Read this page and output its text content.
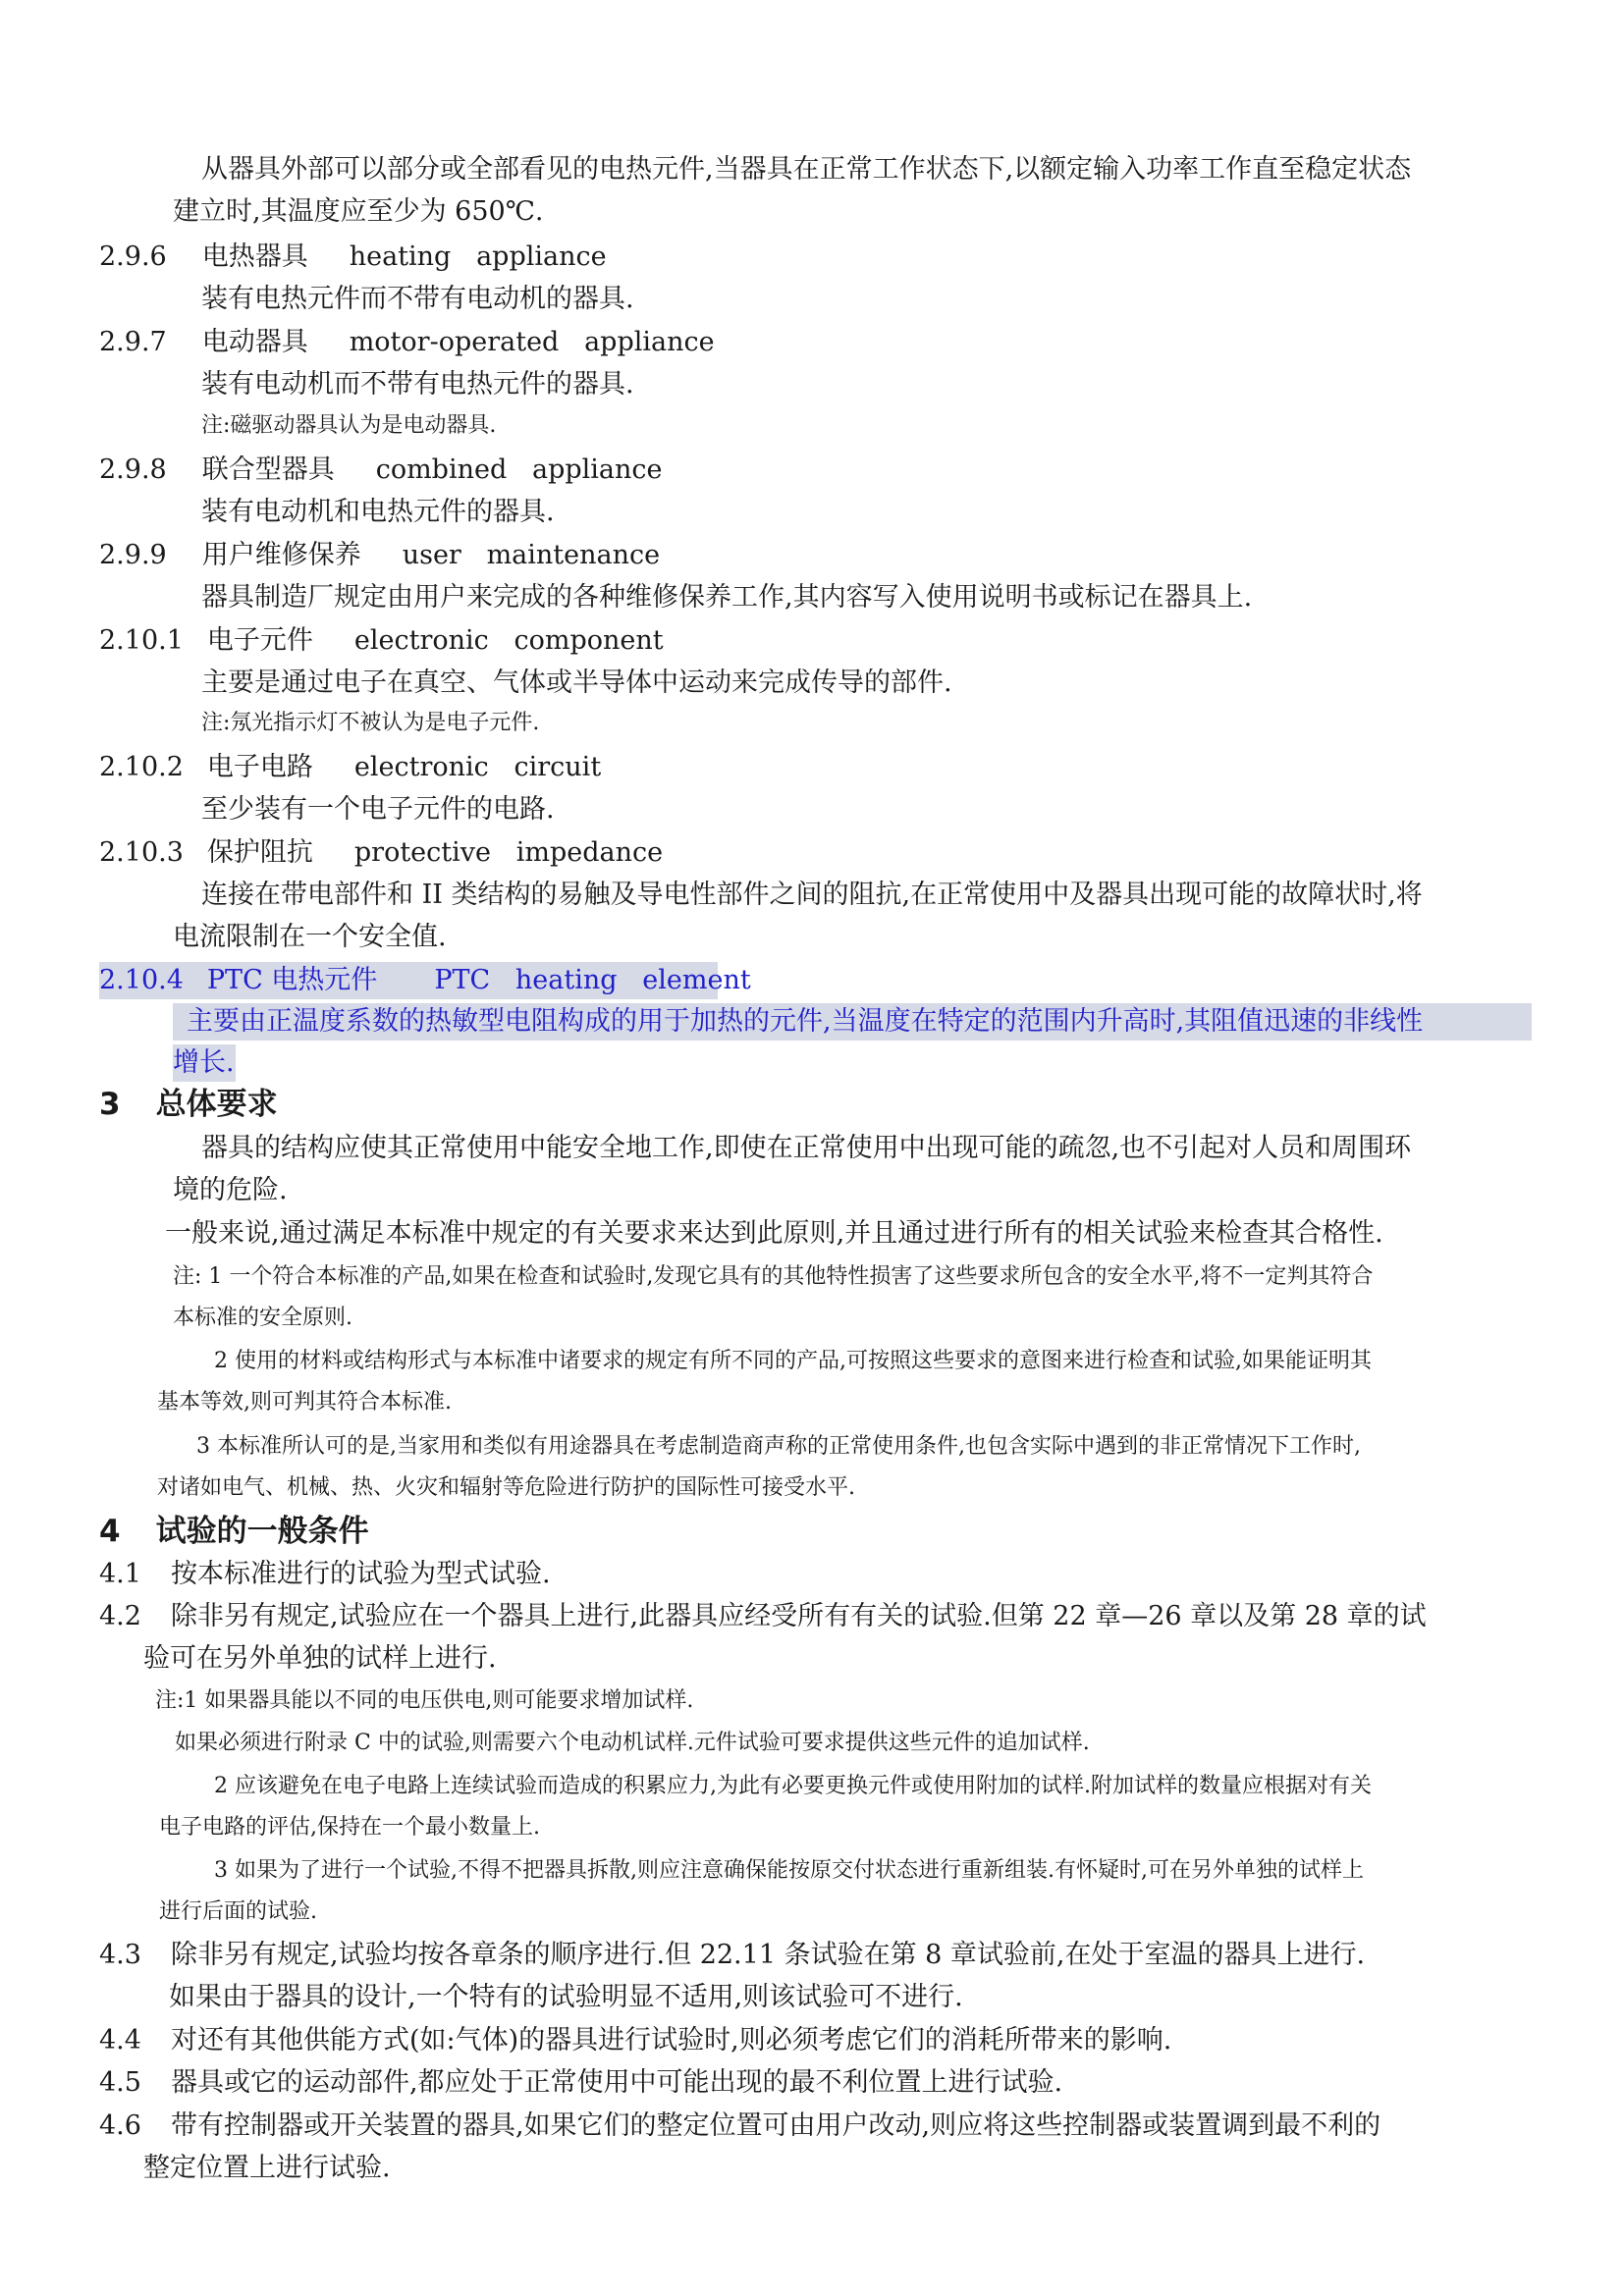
从器具外部可以部分或全部看见的电热元件,当器具在正常工作状态下,以额定输入功率工作直至稳定状态
建立时,其温度应至少为 650℃.
2.9.6 电热器具 heating   appliance
装有电热元件而不带有电动机的器具.
2.9.7 电动器具 motor-operated   appliance
装有电动机而不带有电热元件的器具.
注:磁驱动器具认为是电动器具.
2.9.8 联合型器具 combined   appliance
装有电动机和电热元件的器具.
2.9.9 用户维修保养 user   maintenance
器具制造厂规定由用户来完成的各种维修保养工作,其内容写入使用说明书或标记在器具上.
2.10.1 电子元件 electronic   component
主要是通过电子在真空、气体或半导体中运动来完成传导的部件.
注:氖光指示灯不被认为是电子元件.
2.10.2 电子电路 electronic   circuit
至少装有一个电子元件的电路.
2.10.3 保护阻抗 protective   impedance
连接在带电部件和 II 类结构的易触及导电性部件之间的阻抗,在正常使用中及器具出现可能的故障状时,将
电流限制在一个安全值.
2.10.4 PTC 电热元件 PTC   heating   element
主要由正温度系数的热敏型电阻构成的用于加热的元件,当温度在特定的范围内升高时,其阻值迅速的非线性
增长.
3 总体要求
器具的结构应使其正常使用中能安全地工作,即使在正常使用中出现可能的疏忽,也不引起对人员和周围环
境的危险.
一般来说,通过满足本标准中规定的有关要求来达到此原则,并且通过进行所有的相关试验来检查其合格性.
注: 1 一个符合本标准的产品,如果在检查和试验时,发现它具有的其他特性损害了这些要求所包含的安全水平,将不一定判其符合
本标准的安全原则.
2 使用的材料或结构形式与本标准中诸要求的规定有所不同的产品,可按照这些要求的意图来进行检查和试验,如果能证明其
基本等效,则可判其符合本标准.
3 本标准所认可的是,当家用和类似有用途器具在考虑制造商声称的正常使用条件,也包含实际中遇到的非正常情况下工作时,
对诸如电气、机械、热、火灾和辐射等危险进行防护的国际性可接受水平.
4 试验的一般条件
4.1 按本标准进行的试验为型式试验.
4.2 除非另有规定,试验应在一个器具上进行,此器具应经受所有有关的试验.但第 22 章—26 章以及第 28 章的试
验可在另外单独的试样上进行.
注:1 如果器具能以不同的电压供电,则可能要求增加试样.
如果必须进行附录 C 中的试验,则需要六个电动机试样.元件试验可要求提供这些元件的追加试样.
2 应该避免在电子电路上连续试验而造成的积累应力,为此有必要更换元件或使用附加的试样.附加试样的数量应根据对有关
电子电路的评估,保持在一个最小数量上.
3 如果为了进行一个试验,不得不把器具拆散,则应注意确保能按原交付状态进行重新组装.有怀疑时,可在另外单独的试样上
进行后面的试验.
4.3 除非另有规定,试验均按各章条的顺序进行.但 22.11 条试验在第 8 章试验前,在处于室温的器具上进行.
如果由于器具的设计,一个特有的试验明显不适用,则该试验可不进行.
4.4 对还有其他供能方式(如:气体)的器具进行试验时,则必须考虑它们的消耗所带来的影响.
4.5 器具或它的运动部件,都应处于正常使用中可能出现的最不利位置上进行试验.
4.6 带有控制器或开关装置的器具,如果它们的整定位置可由用户改动,则应将这些控制器或装置调到最不利的
整定位置上进行试验.
